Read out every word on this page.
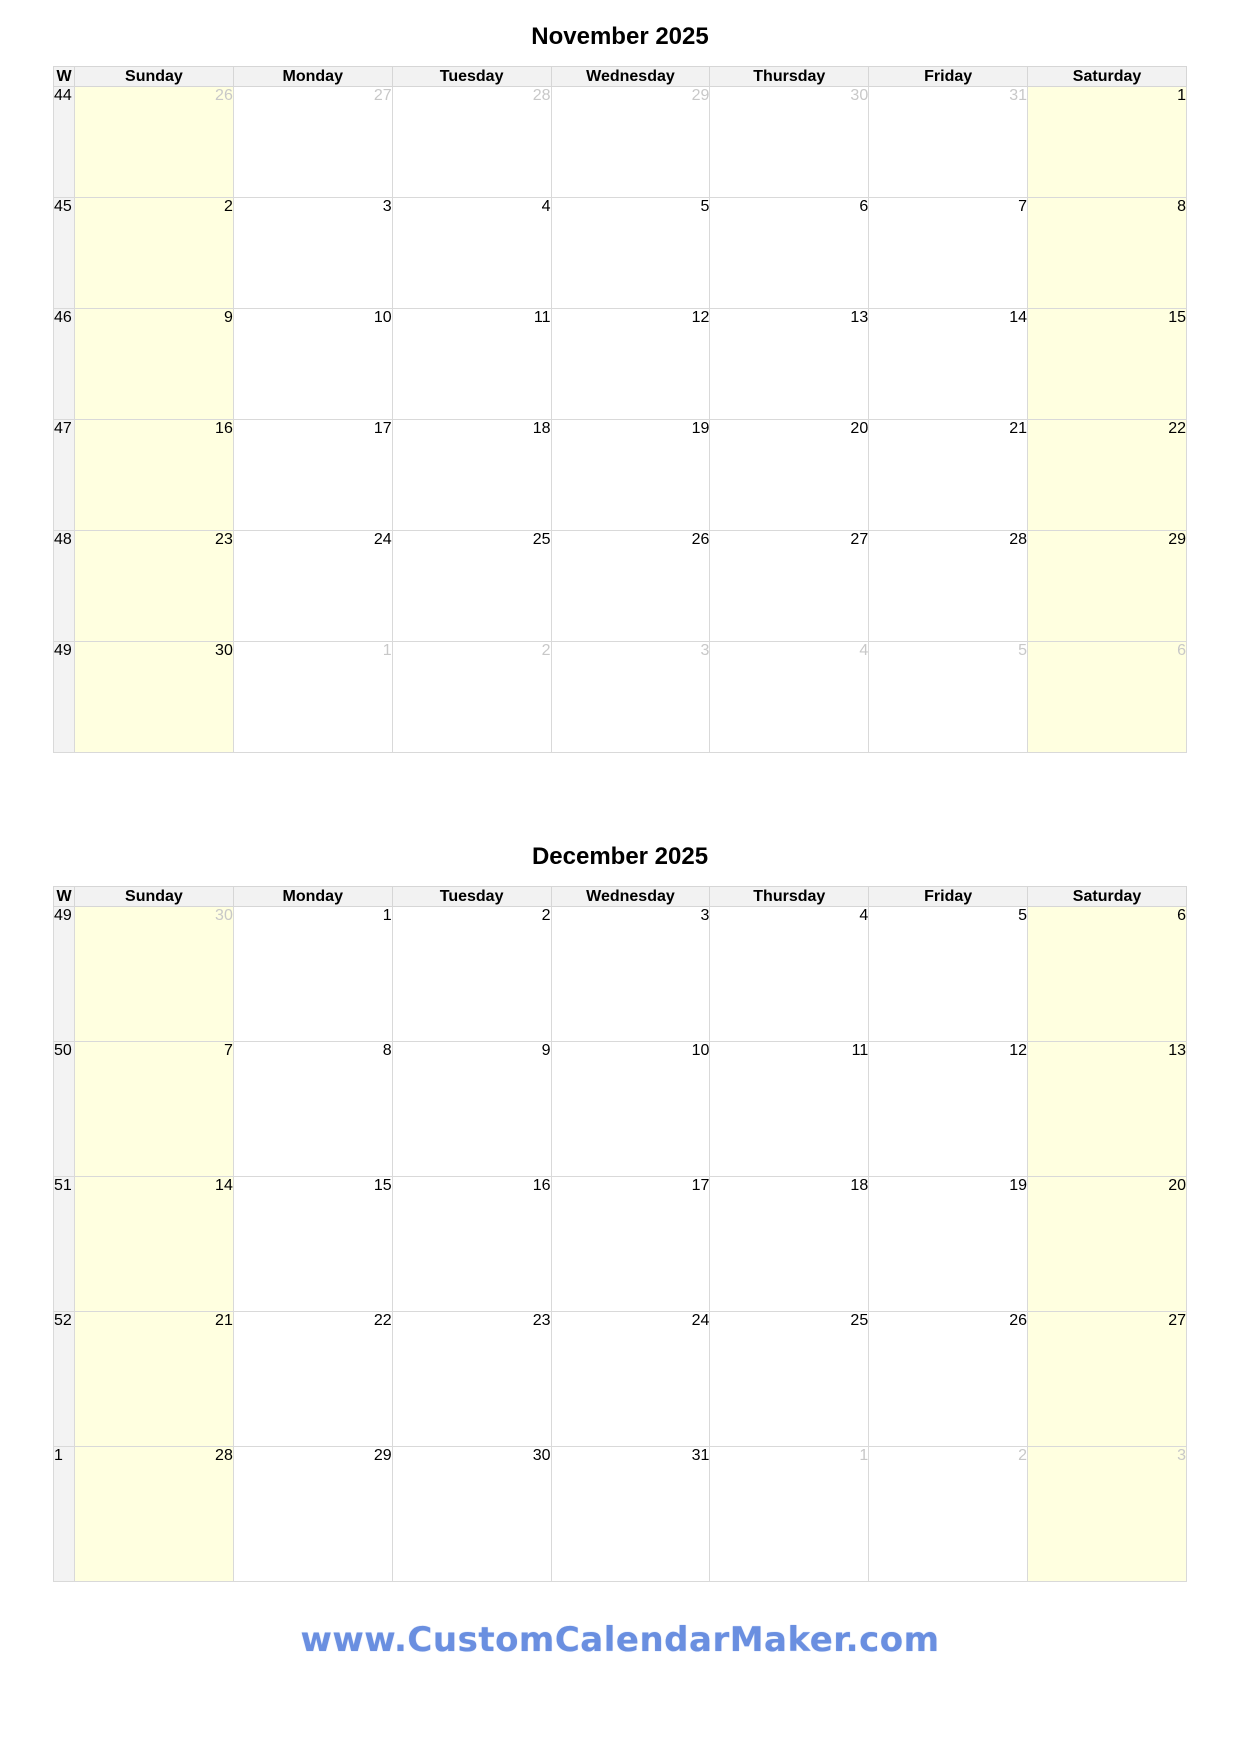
November 2025
W	Sunday	Monday	Tuesday	Wednesday	Thursday	Friday	Saturday
44	26	27	28	29	30	31	1
45	2	3	4	5	6	7	8
46	9	10	11	12	13	14	15
47	16	17	18	19	20	21	22
48	23	24	25	26	27	28	29
49	30	1	2	3	4	5	6
December 2025
W	Sunday	Monday	Tuesday	Wednesday	Thursday	Friday	Saturday
49	30	1	2	3	4	5	6
50	7	8	9	10	11	12	13
51	14	15	16	17	18	19	20
52	21	22	23	24	25	26	27
1	28	29	30	31	1	2	3
www.CustomCalendarMaker.com
